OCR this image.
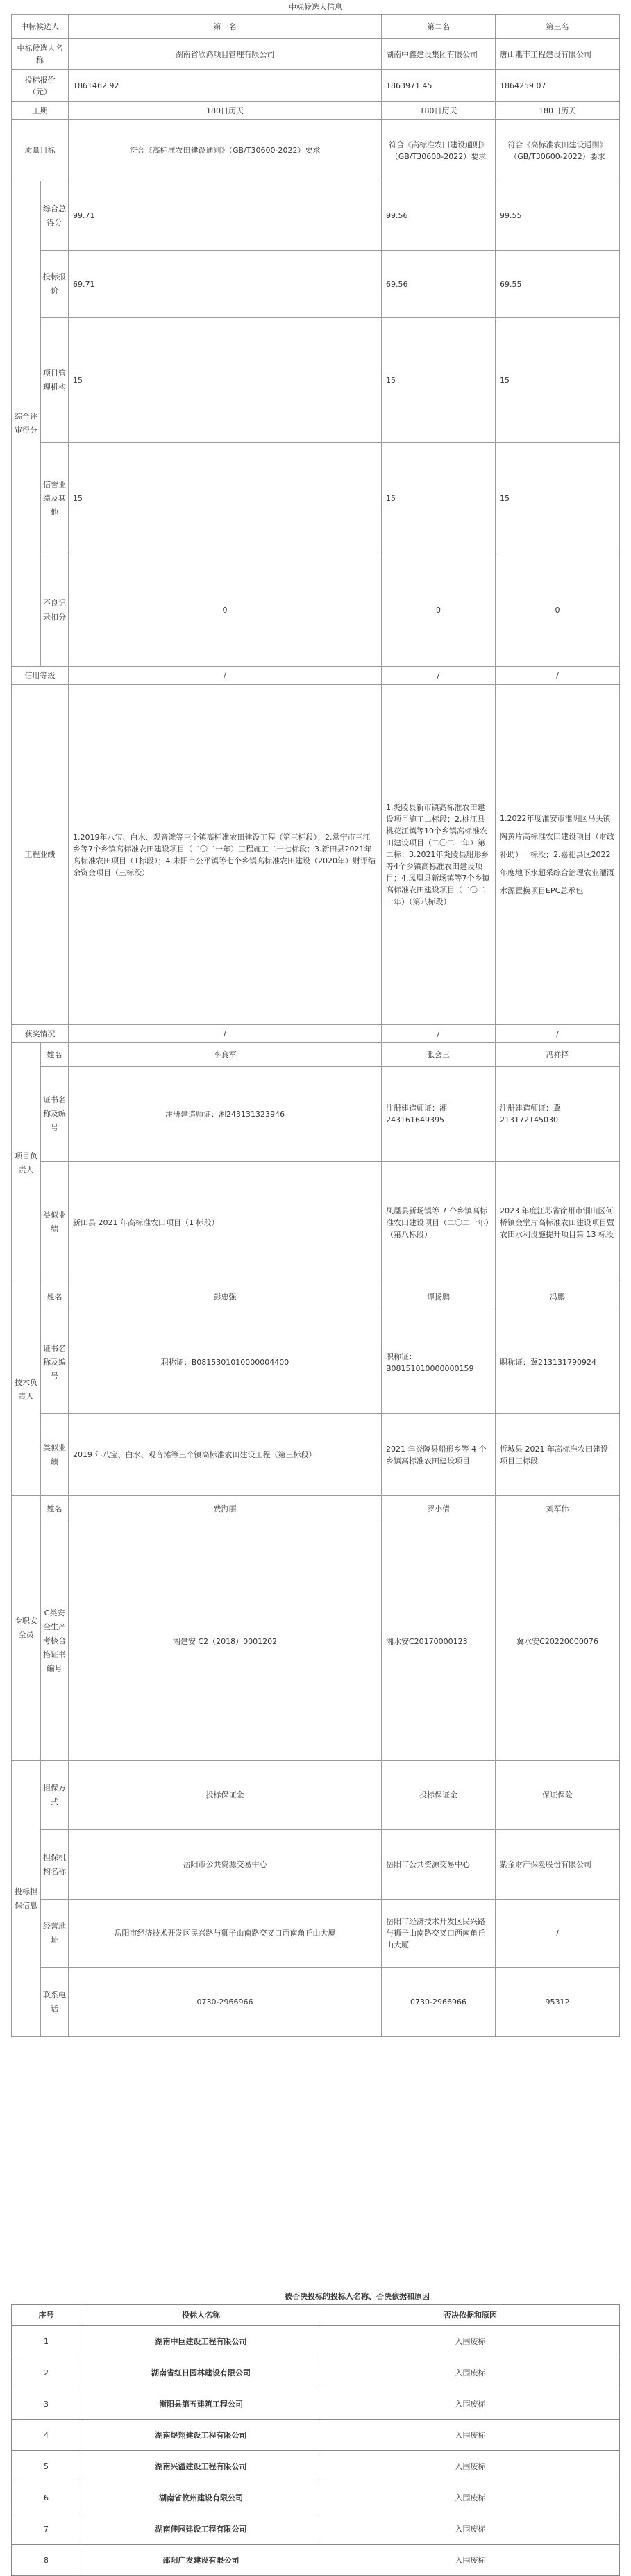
中标候选人信息
中标候选人		第一名	第二名	第三名
中标候选人名称		湖南省欣鸿项目管理有限公司	湖南中鑫建设集团有限公司	唐山燕丰工程建设有限公司
投标报价（元）		1861462.92	1863971.45	1864259.07
工期		180日历天	180日历天	180日历天
质量目标		符合《高标准农田建设通则》（GB/T30600-2022）要求	符合《高标准农田建设通则》（GB/T30600-2022）要求	符合《高标准农田建设通则》（GB/T30600-2022）要求
综合评审得分	综合总得分	99.71	99.56	99.55
	投标报价	69.71	69.56	69.55
	项目管理机构	15	15	15
	信誉业绩及其他	15	15	15
	不良记录扣分	0	0	0
信用等级		/	/	/
工程业绩		1.2019年八宝、白水、观音滩等三个镇高标准农田建设工程（第三标段）；2.常宁市三江乡等7个乡镇高标准农田建设项目（二〇二一年）工程施工二十七标段；3.新田县2021年高标准农田项目（1标段）；4.未阳市公平镇等七个乡镇高标准农田建设（2020年）财评结余资金项目（三标段）	1.炎陵县新市镇高标准农田建设项目施工二标段；2.桃江县桃花江镇等10个乡镇高标准农田建设项目（二〇二一年）第二标；3.2021年炎陵县船形乡等4个乡镇高标准农田建设项目；4.凤凰县新场镇等7个乡镇高标准农田建设项目（二〇二一年）（第八标段）	1.2022年度淮安市淮阴区马头镇陶黄片高标准农田建设项目（财政补助）一标段；2.嘉祀县区2022年度地下水超采综合治理农业灌溉水源置换项目EPC总承包
获奖情况		/	/	/
项目负责人	姓名	李良军	张会三	冯祥择
	证书名称及编号	注册建造师证：湘243131323946	注册建造师证：湘243161649395	注册建造师证：冀213172145030
	类似业绩	新田县 2021 年高标准农田项目（1 标段）	凤凰县新场镇等 7 个乡镇高标准农田建设项目（二〇二一年）（第八标段）	2023 年度江苏省徐州市铜山区何桥镇金堂片高标准农田建设项目暨农田水利设施提升项目第 13 标段
技术负责人	姓名	彭忠强	谭扬鹏	冯鹏
	证书名称及编号	职称证：B0815301010000004400	职称证：B08151010000000159	职称证：冀213131790924
	类似业绩	2019 年八宝、白水、观音滩等三个镇高标准农田建设工程（第三标段）	2021 年炎陵县船形乡等 4 个乡镇高标准农田建设项目	忻城县 2021 年高标准农田建设项目三标段
专职安全员	姓名	费海丽	罗小倩	刘军伟
	C类安全生产考核合格证书编号	湘建安 C2（2018）0001202	湘水安C2017000012​3	冀水安C20220000076
投标担保信息	担保方式	投标保证金	投标保证金	保证保险
	担保机构名称	岳阳市公共资源交易中心	岳阳市公共资源交易中心	紫金财产保险股份有限公司
	经营地址	岳阳市经济技术开发区民兴路与狮子山南路交叉口西南角丘山大厦	岳阳市经济技术开发区民兴路与狮子山南路交叉口西南角丘山大厦	/
	联系电话	0730-2966966	0730-2966966	95312
被否决投标的投标人名称、否决依据和原因
序号	投标人名称	否决依据和原因
1	湖南中巨建设工程有限公司	入围废标
2	湖南省红日园林建设有限公司	入围废标
3	衡阳县第五建筑工程公司	入围废标
4	湖南煜翔建设工程有限公司	入围废标
5	湖南兴溢建设工程有限公司	入围废标
6	湖南省攸州建设有限公司	入围废标
7	湖南佳园建设工程有限公司	入围废标
8	邵阳广发建设有限公司	入围废标
